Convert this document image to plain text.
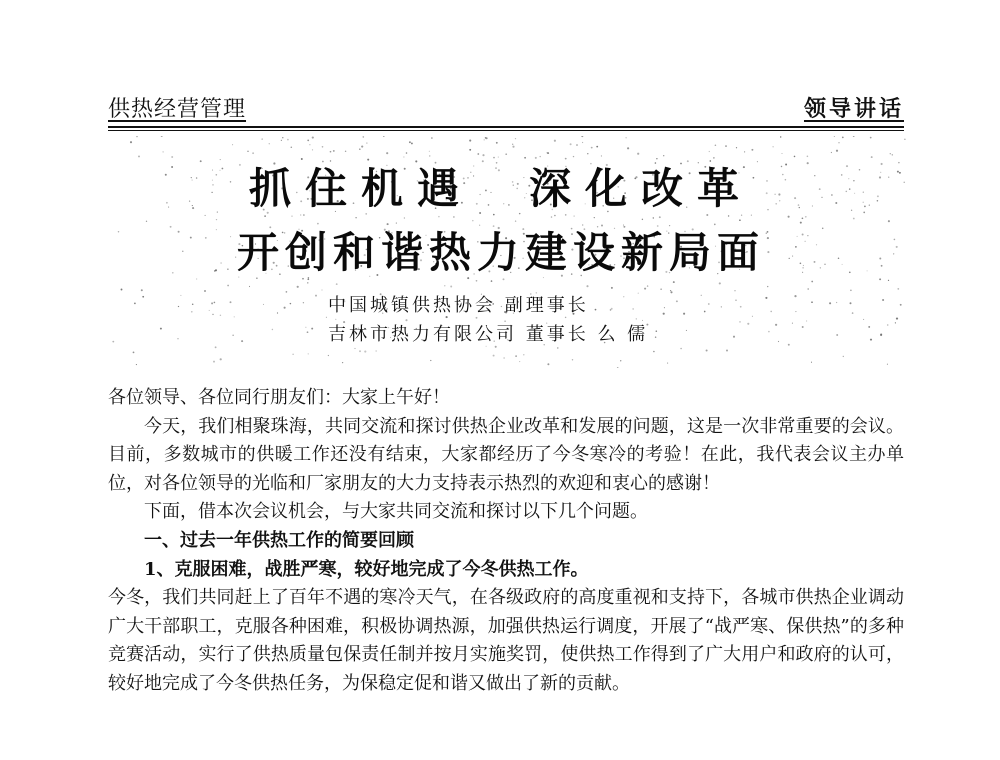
供热经营管理	领导讲话
抓住机遇　深化改革
开创和谐热力建设新局面
中国城镇供热协会 副理事长
吉林市热力有限公司 董事长 么 儒

各位领导、各位同行朋友们：大家上午好！

今天，我们相聚珠海，共同交流和探讨供热企业改革和发展的问题，这是一次非常重要的会议。目前，多数城市的供暖工作还没有结束，大家都经历了今冬寒冷的考验！在此，我代表会议主办单位，对各位领导的光临和厂家朋友的大力支持表示热烈的欢迎和衷心的感谢！

下面，借本次会议机会，与大家共同交流和探讨以下几个问题。

一、过去一年供热工作的简要回顾

1、克服困难，战胜严寒，较好地完成了今冬供热工作。

今冬，我们共同赶上了百年不遇的寒冷天气，在各级政府的高度重视和支持下，各城市供热企业调动广大干部职工，克服各种困难，积极协调热源，加强供热运行调度，开展了“战严寒、保供热”的多种竞赛活动，实行了供热质量包保责任制并按月实施奖罚，使供热工作得到了广大用户和政府的认可，较好地完成了今冬供热任务，为保稳定促和谐又做出了新的贡献。
